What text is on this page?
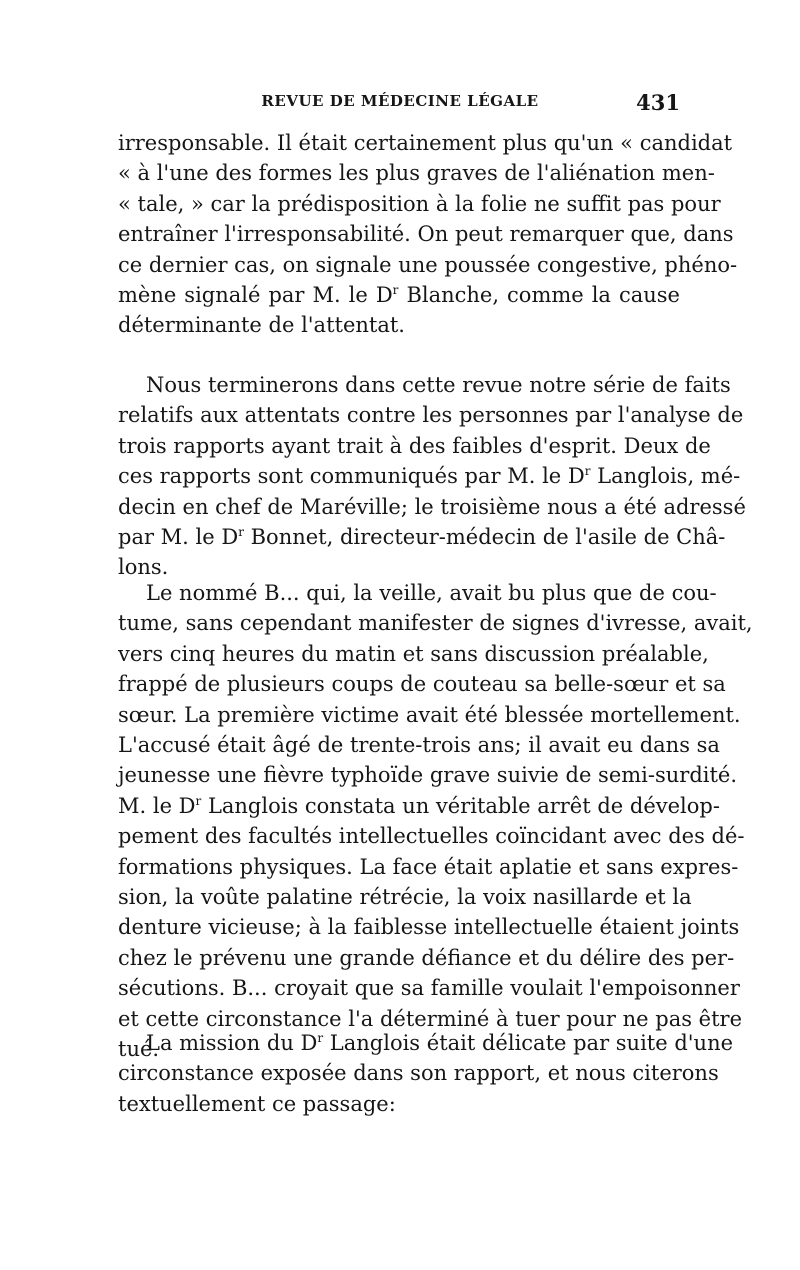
REVUE DE MÉDECINE LÉGALE	431
irresponsable. Il était certainement plus qu'un « candidat
« à l'une des formes les plus graves de l'aliénation men-
« tale, » car la prédisposition à la folie ne suffit pas pour
entraîner l'irresponsabilité. On peut remarquer que, dans
ce dernier cas, on signale une poussée congestive, phéno-
mène signalé par M. le $D^r$ Blanche, comme la cause
déterminante de l'attentat.
Nous terminerons dans cette revue notre série de faits
relatifs aux attentats contre les personnes par l'analyse de
trois rapports ayant trait à des faibles d'esprit. Deux de
ces rapports sont communiqués par M. le $D^r$ Langlois, mé-
decin en chef de Maréville; le troisième nous a été adressé
par M. le $D^r$ Bonnet, directeur-médecin de l'asile de Châ-
lons.
Le nommé B... qui, la veille, avait bu plus que de cou-
tume, sans cependant manifester de signes d'ivresse, avait,
vers cinq heures du matin et sans discussion préalable,
frappé de plusieurs coups de couteau sa belle-sœur et sa
sœur. La première victime avait été blessée mortellement.
L'accusé était âgé de trente-trois ans; il avait eu dans sa
jeunesse une fièvre typhoïde grave suivie de semi-surdité.
M. le $D^r$ Langlois constata un véritable arrêt de dévelop-
pement des facultés intellectuelles coïncidant avec des dé-
formations physiques. La face était aplatie et sans expres-
sion, la voûte palatine rétrécie, la voix nasillarde et la
denture vicieuse; à la faiblesse intellectuelle étaient joints
chez le prévenu une grande défiance et du délire des per-
sécutions. B... croyait que sa famille voulait l'empoisonner
et cette circonstance l'a déterminé à tuer pour ne pas être
tué.
La mission du $D^r$ Langlois était délicate par suite d'une
circonstance exposée dans son rapport, et nous citerons
textuellement ce passage:
